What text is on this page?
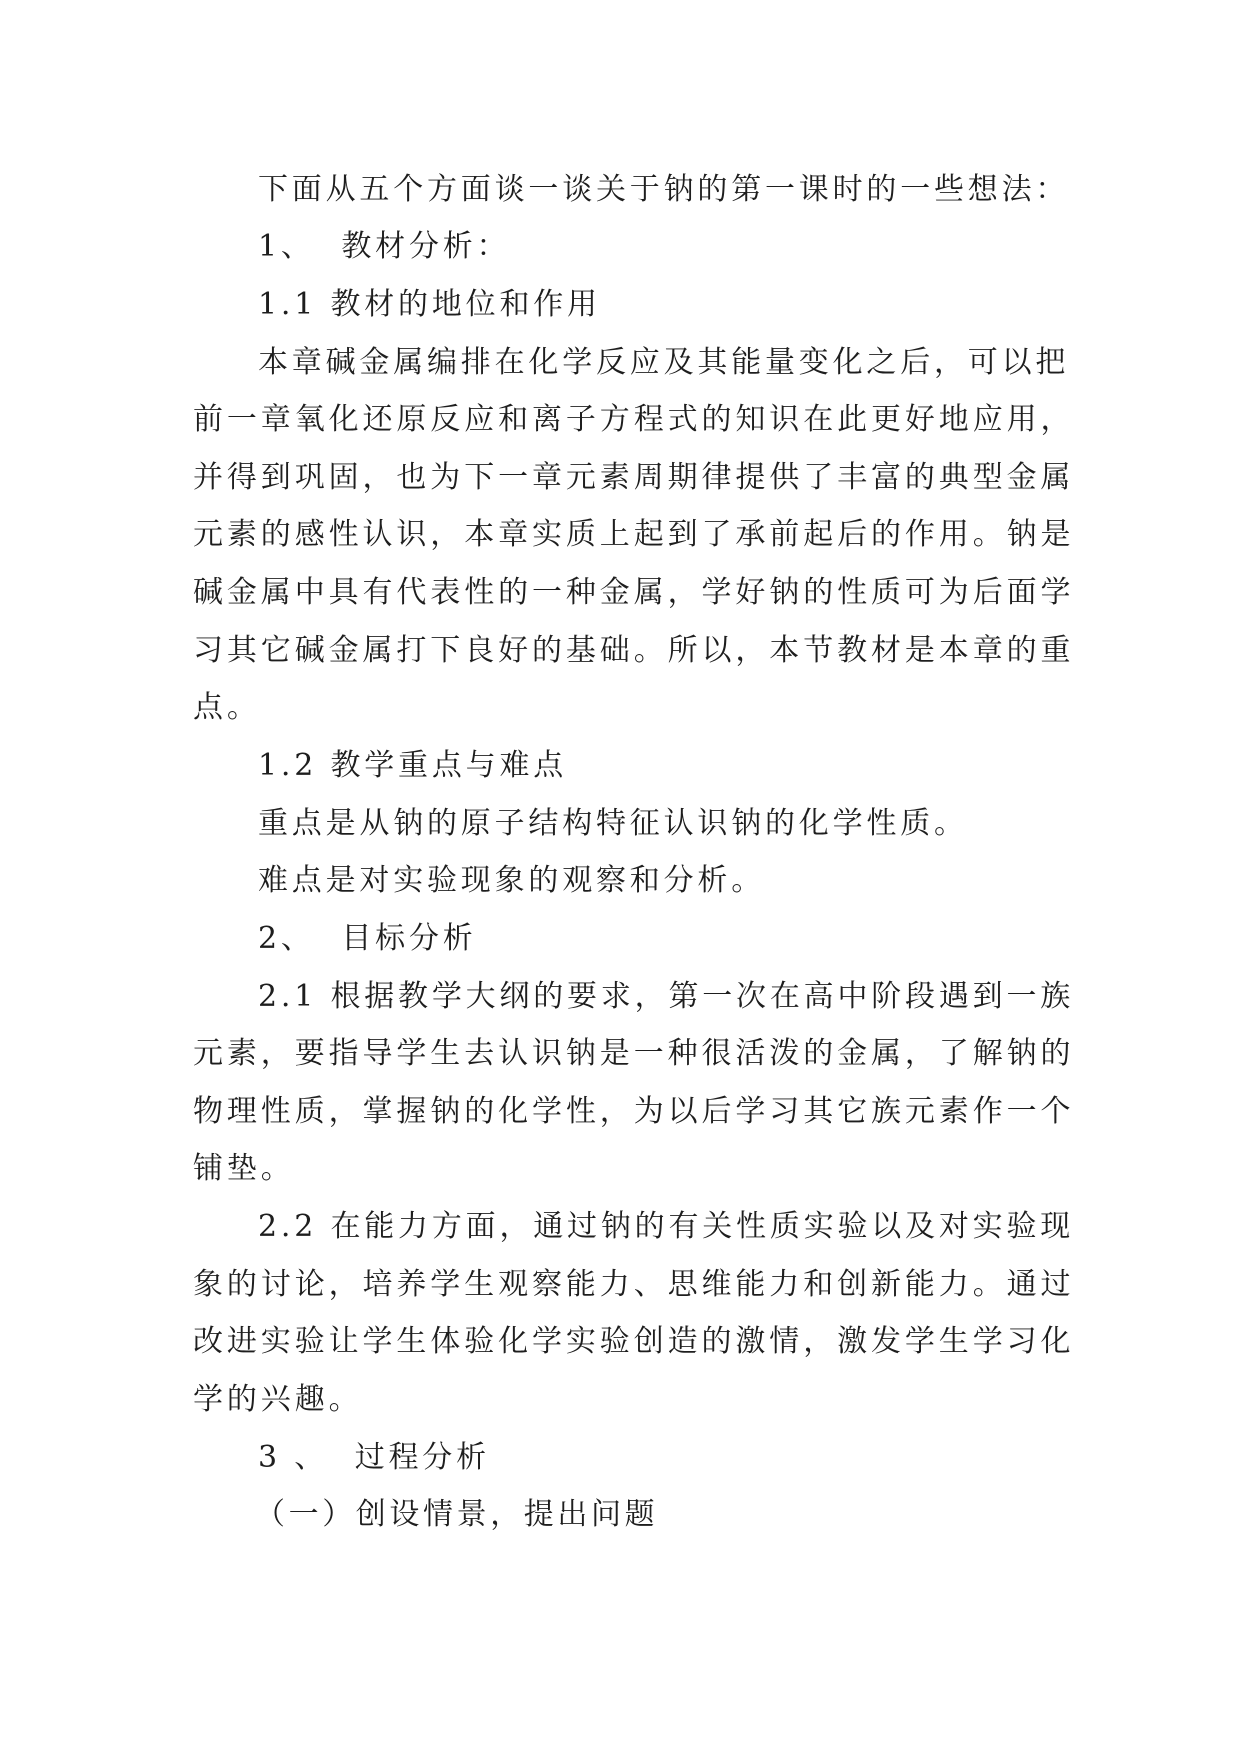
下面从五个方面谈一谈关于钠的第一课时的一些想法：

1、  教材分析：

1.1 教材的地位和作用

本章碱金属编排在化学反应及其能量变化之后，可以把

前一章氧化还原反应和离子方程式的知识在此更好地应用，

并得到巩固，也为下一章元素周期律提供了丰富的典型金属

元素的感性认识，本章实质上起到了承前起后的作用。钠是

碱金属中具有代表性的一种金属，学好钠的性质可为后面学

习其它碱金属打下良好的基础。所以，本节教材是本章的重

点。

1.2 教学重点与难点

重点是从钠的原子结构特征认识钠的化学性质。

难点是对实验现象的观察和分析。

2、  目标分析

2.1 根据教学大纲的要求，第一次在高中阶段遇到一族

元素，要指导学生去认识钠是一种很活泼的金属，了解钠的

物理性质，掌握钠的化学性，为以后学习其它族元素作一个

铺垫。

2.2 在能力方面，通过钠的有关性质实验以及对实验现

象的讨论，培养学生观察能力、思维能力和创新能力。通过

改进实验让学生体验化学实验创造的激情，激发学生学习化

学的兴趣。

3 、  过程分析

（一）创设情景，提出问题
